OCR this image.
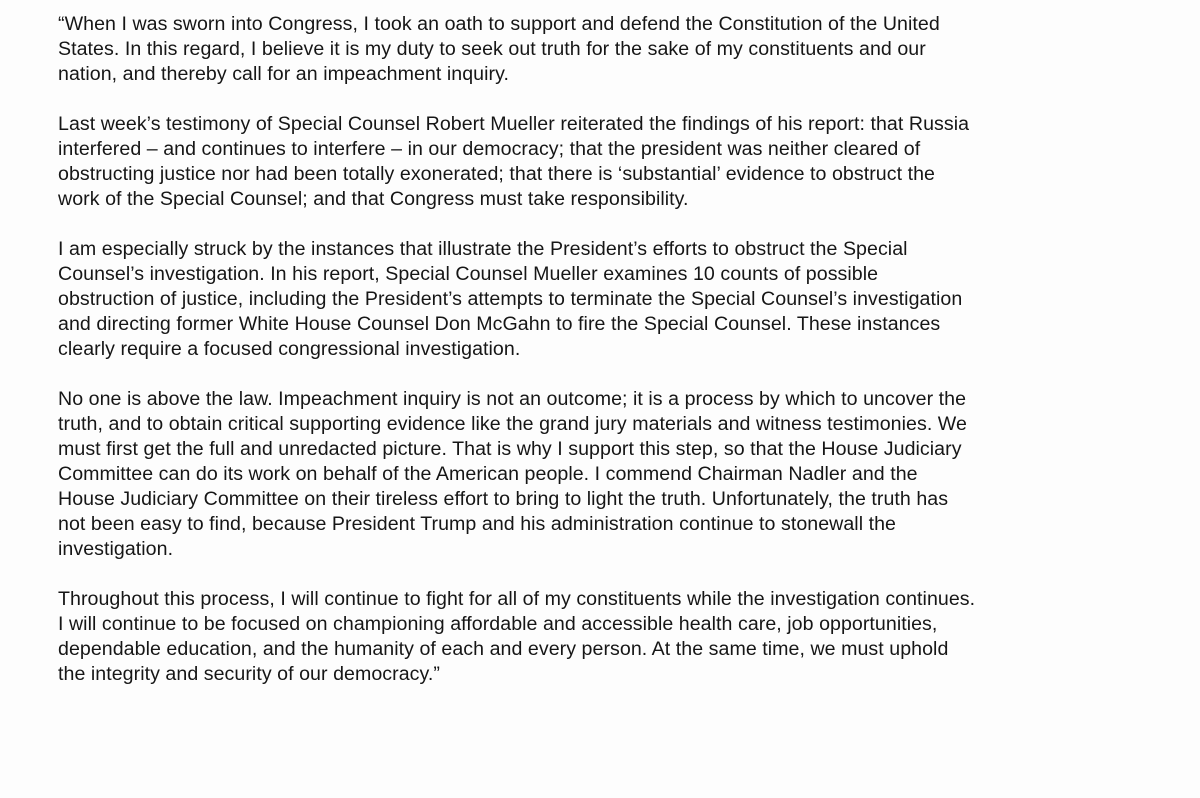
“When I was sworn into Congress, I took an oath to support and defend the Constitution of the United
States. In this regard, I believe it is my duty to seek out truth for the sake of my constituents and our
nation, and thereby call for an impeachment inquiry.

Last week’s testimony of Special Counsel Robert Mueller reiterated the findings of his report: that Russia
interfered – and continues to interfere – in our democracy; that the president was neither cleared of
obstructing justice nor had been totally exonerated; that there is ‘substantial’ evidence to obstruct the
work of the Special Counsel; and that Congress must take responsibility.

I am especially struck by the instances that illustrate the President’s efforts to obstruct the Special
Counsel’s investigation. In his report, Special Counsel Mueller examines 10 counts of possible
obstruction of justice, including the President’s attempts to terminate the Special Counsel’s investigation
and directing former White House Counsel Don McGahn to fire the Special Counsel. These instances
clearly require a focused congressional investigation.

No one is above the law. Impeachment inquiry is not an outcome; it is a process by which to uncover the
truth, and to obtain critical supporting evidence like the grand jury materials and witness testimonies. We
must first get the full and unredacted picture. That is why I support this step, so that the House Judiciary
Committee can do its work on behalf of the American people. I commend Chairman Nadler and the
House Judiciary Committee on their tireless effort to bring to light the truth. Unfortunately, the truth has
not been easy to find, because President Trump and his administration continue to stonewall the
investigation.

Throughout this process, I will continue to fight for all of my constituents while the investigation continues.
I will continue to be focused on championing affordable and accessible health care, job opportunities,
dependable education, and the humanity of each and every person. At the same time, we must uphold
the integrity and security of our democracy.”
